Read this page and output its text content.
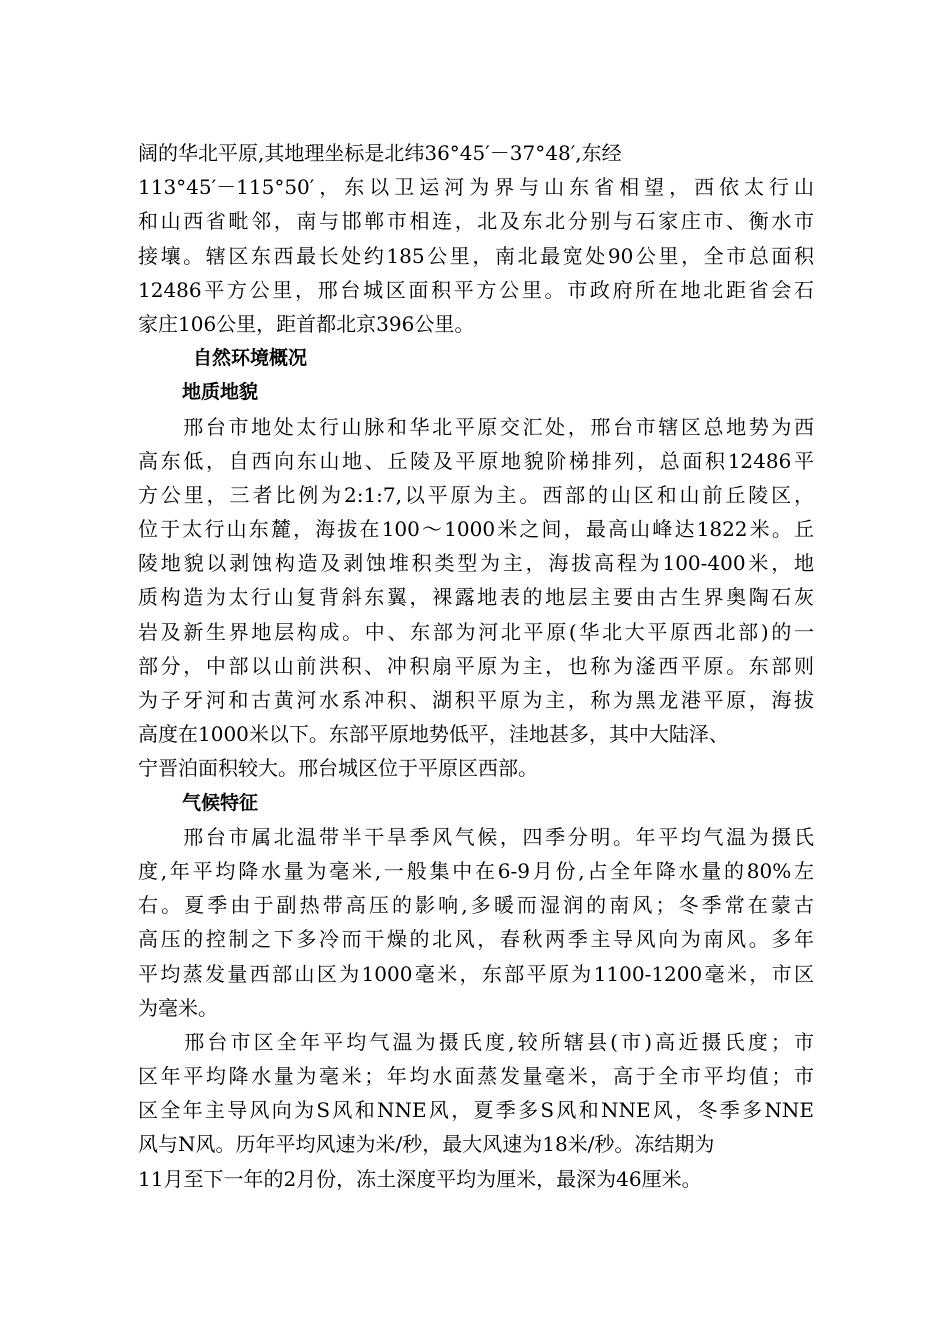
阔的华北平原,其地理坐标是北纬36°45′－37°48′,东经
113°45′－115°50′，东以卫运河为界与山东省相望，西依太行山
和山西省毗邻，南与邯郸市相连，北及东北分别与石家庄市、衡水市
接壤。辖区东西最长处约185公里，南北最宽处90公里，全市总面积
12486平方公里，邢台城区面积平方公里。市政府所在地北距省会石
家庄106公里，距首都北京396公里。
自然环境概况
地质地貌
　　邢台市地处太行山脉和华北平原交汇处，邢台市辖区总地势为西
高东低，自西向东山地、丘陵及平原地貌阶梯排列，总面积12486平
方公里，三者比例为2:1:7,以平原为主。西部的山区和山前丘陵区，
位于太行山东麓，海拔在100～1000米之间，最高山峰达1822米。丘
陵地貌以剥蚀构造及剥蚀堆积类型为主，海拔高程为100-400米，地
质构造为太行山复背斜东翼，裸露地表的地层主要由古生界奥陶石灰
岩及新生界地层构成。中、东部为河北平原(华北大平原西北部)的一
部分，中部以山前洪积、冲积扇平原为主，也称为滏西平原。东部则
为子牙河和古黄河水系冲积、湖积平原为主，称为黑龙港平原，海拔
高度在1000米以下。东部平原地势低平，洼地甚多，其中大陆泽、
宁晋泊面积较大。邢台城区位于平原区西部。
气候特征
　　邢台市属北温带半干旱季风气候，四季分明。年平均气温为摄氏
度,年平均降水量为毫米,一般集中在6-9月份,占全年降水量的80%左
右。夏季由于副热带高压的影响,多暖而湿润的南风；冬季常在蒙古
高压的控制之下多冷而干燥的北风，春秋两季主导风向为南风。多年
平均蒸发量西部山区为1000毫米，东部平原为1100-1200毫米，市区
为毫米。
　　邢台市区全年平均气温为摄氏度,较所辖县(市)高近摄氏度；市
区年平均降水量为毫米；年均水面蒸发量毫米，高于全市平均值；市
区全年主导风向为S风和NNE风，夏季多S风和NNE风，冬季多NNE
风与N风。历年平均风速为米/秒，最大风速为18米/秒。冻结期为
11月至下一年的2月份，冻土深度平均为厘米，最深为46厘米。
